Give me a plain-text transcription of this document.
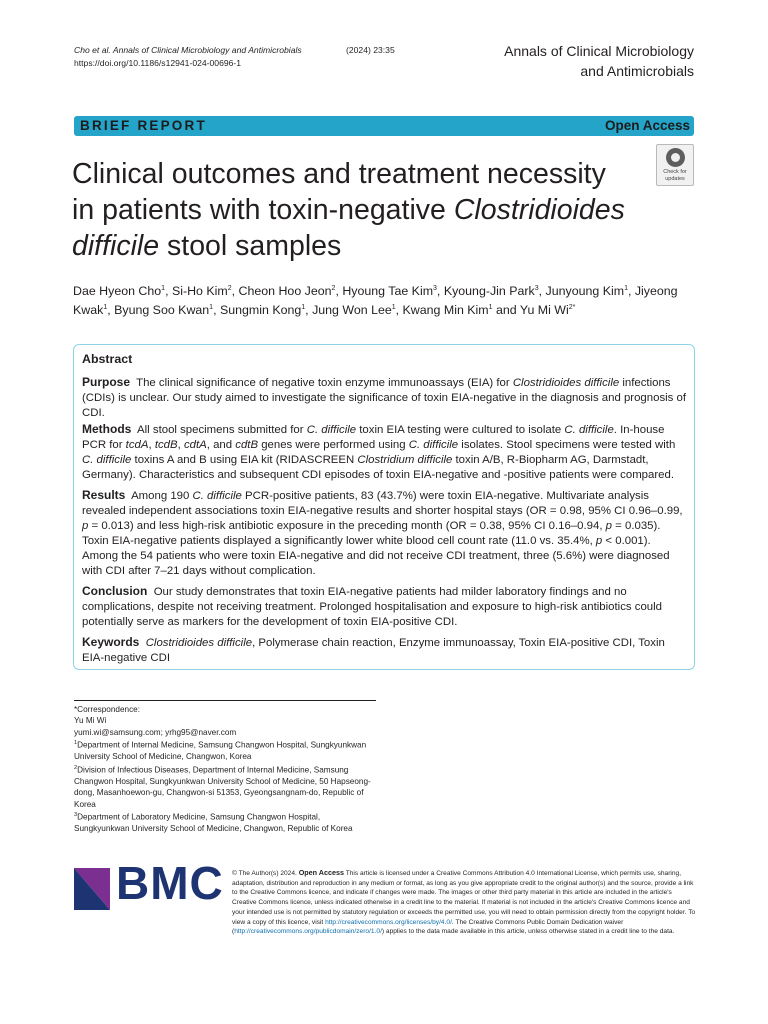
Cho et al. Annals of Clinical Microbiology and Antimicrobials	(2024) 23:35
https://doi.org/10.1186/s12941-024-00696-1
Annals of Clinical Microbiology
and Antimicrobials
BRIEF REPORT	Open Access
Check for
updates
Clinical outcomes and treatment necessity
in patients with toxin-negative Clostridioides
difficile stool samples
Dae Hyeon Cho$^1$, Si-Ho Kim$^2$, Cheon Hoo Jeon$^2$, Hyoung Tae Kim$^3$, Kyoung-Jin Park$^3$, Junyoung Kim$^1$, Jiyeong Kwak$^1$, Byung Soo Kwan$^1$, Sungmin Kong$^1$, Jung Won Lee$^1$, Kwang Min Kim$^1$ and Yu Mi $Wi^{2*}$
Abstract
Purpose The clinical significance of negative toxin enzyme immunoassays (EIA) for Clostridioides difficile infections (CDIs) is unclear. Our study aimed to investigate the significance of toxin EIA-negative in the diagnosis and prognosis of CDI.
Methods All stool specimens submitted for C. difficile toxin EIA testing were cultured to isolate C. difficile. In-house PCR for tcdA, tcdB, cdtA, and cdtB genes were performed using C. difficile isolates. Stool specimens were tested with C. difficile toxins A and B using EIA kit (RIDASCREEN Clostridium difficile toxin A/B, R-Biopharm AG, Darmstadt, Germany). Characteristics and subsequent CDI episodes of toxin EIA-negative and -positive patients were compared.
Results Among 190 C. difficile PCR-positive patients, 83 (43.7%) were toxin EIA-negative. Multivariate analysis revealed independent associations toxin EIA-negative results and shorter hospital stays (OR = 0.98, 95% CI 0.96–0.99, p = 0.013) and less high-risk antibiotic exposure in the preceding month (OR = 0.38, 95% CI 0.16–0.94, p = 0.035). Toxin EIA-negative patients displayed a significantly lower white blood cell count rate (11.0 vs. 35.4%, p < 0.001). Among the 54 patients who were toxin EIA-negative and did not receive CDI treatment, three (5.6%) were diagnosed with CDI after 7–21 days without complication.
Conclusion Our study demonstrates that toxin EIA-negative patients had milder laboratory findings and no complications, despite not receiving treatment. Prolonged hospitalisation and exposure to high-risk antibiotics could potentially serve as markers for the development of toxin EIA-positive CDI.
Keywords Clostridioides difficile, Polymerase chain reaction, Enzyme immunoassay, Toxin EIA-positive CDI, Toxin EIA-negative CDI
*Correspondence:
Yu Mi Wi
yumi.wi@samsung.com; yrhg95@naver.com
$^1$Department of Internal Medicine, Samsung Changwon Hospital, Sungkyunkwan University School of Medicine, Changwon, Korea
$^2$Division of Infectious Diseases, Department of Internal Medicine, Samsung Changwon Hospital, Sungkyunkwan University School of Medicine, 50 Hapseong-dong, Masanhoewon-gu, Changwon-si 51353, Gyeongsangnam-do, Republic of Korea
$^3$Department of Laboratory Medicine, Samsung Changwon Hospital, Sungkyunkwan University School of Medicine, Changwon, Republic of Korea
BMC © The Author(s) 2024. Open Access This article is licensed under a Creative Commons Attribution 4.0 International License, which permits use, sharing, adaptation, distribution and reproduction in any medium or format, as long as you give appropriate credit to the original author(s) and the source, provide a link to the Creative Commons licence, and indicate if changes were made. The images or other third party material in this article are included in the article's Creative Commons licence, unless indicated otherwise in a credit line to the material. If material is not included in the article's Creative Commons licence and your intended use is not permitted by statutory regulation or exceeds the permitted use, you will need to obtain permission directly from the copyright holder. To view a copy of this licence, visit http://creativecommons.org/licenses/by/4.0/. The Creative Commons Public Domain Dedication waiver (http://creativecommons.org/publicdomain/zero/1.0/) applies to the data made available in this article, unless otherwise stated in a credit line to the data.
